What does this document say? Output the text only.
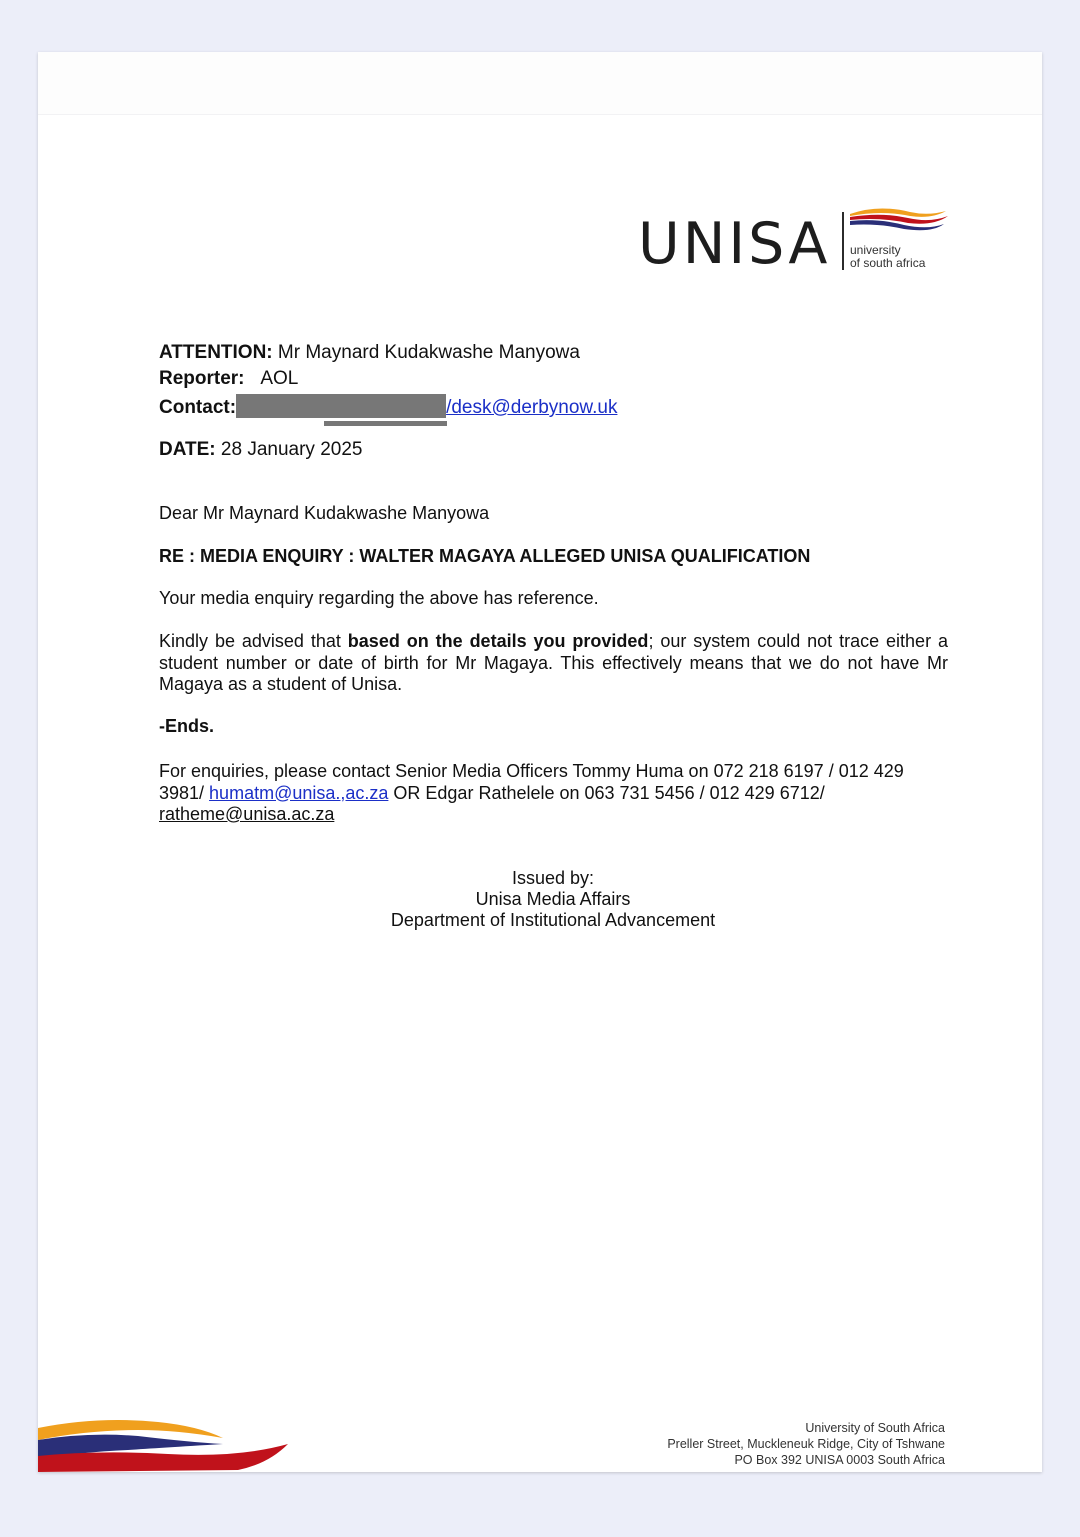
UNISA university
of south africa
ATTENTION: Mr Maynard Kudakwashe Manyowa
Reporter: AOL
Contact:	/desk@derbynow.uk
DATE: 28 January 2025
Dear Mr Maynard Kudakwashe Manyowa
RE : MEDIA ENQUIRY : WALTER MAGAYA ALLEGED UNISA QUALIFICATION
Your media enquiry regarding the above has reference.
Kindly be advised that based on the details you provided; our system could not trace either a student number or date of birth for Mr Magaya. This effectively means that we do not have Mr Magaya as a student of Unisa.
-Ends.
For enquiries, please contact Senior Media Officers Tommy Huma on 072 218 6197 / 012 429 3981/ humatm@unisa.,ac.za OR Edgar Rathelele on 063 731 5456 / 012 429 6712/ ratheme@unisa.ac.za
Issued by:
Unisa Media Affairs
Department of Institutional Advancement
University of South Africa
Preller Street, Muckleneuk Ridge, City of Tshwane
PO Box 392 UNISA 0003 South Africa
